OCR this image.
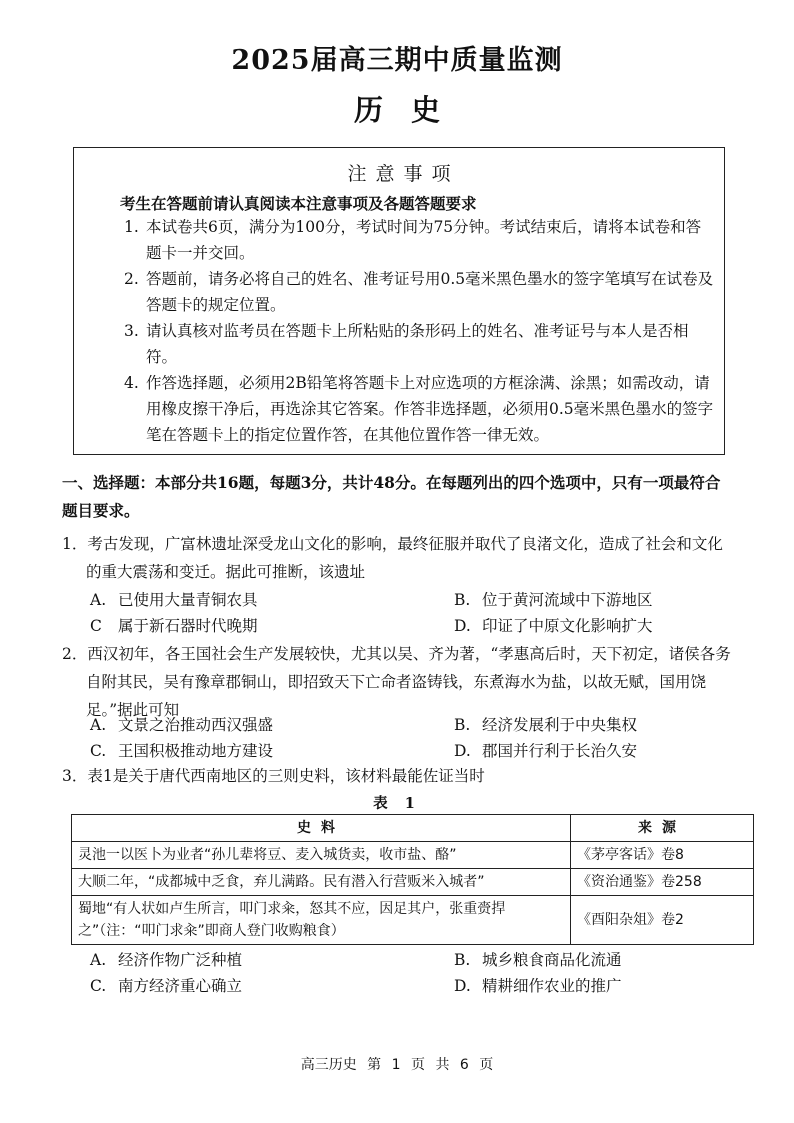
2025届高三期中质量监测
历史
注意事项
考生在答题前请认真阅读本注意事项及各题答题要求
1. 本试卷共6页，满分为100分，考试时间为75分钟。考试结束后，请将本试卷和答题卡一并交回。
2. 答题前，请务必将自己的姓名、准考证号用0.5毫米黑色墨水的签字笔填写在试卷及答题卡的规定位置。
3. 请认真核对监考员在答题卡上所粘贴的条形码上的姓名、准考证号与本人是否相符。
4. 作答选择题，必须用2B铅笔将答题卡上对应选项的方框涂满、涂黑；如需改动，请用橡皮擦干净后，再选涂其它答案。作答非选择题，必须用0.5毫米黑色墨水的签字笔在答题卡上的指定位置作答，在其他位置作答一律无效。
一、选择题：本部分共16题，每题3分，共计48分。在每题列出的四个选项中，只有一项最符合题目要求。
1．考古发现，广富林遗址深受龙山文化的影响，最终征服并取代了良渚文化，造成了社会和文化的重大震荡和变迁。据此可推断，该遗址
A. 已使用大量青铜农具	B. 位于黄河流域中下游地区
C 属于新石器时代晚期	D. 印证了中原文化影响扩大
2．西汉初年，各王国社会生产发展较快，尤其以吴、齐为著，“孝惠高后时，天下初定，诸侯各务自附其民，吴有豫章郡铜山，即招致天下亡命者盗铸钱，东煮海水为盐，以故无赋，国用饶足。”据此可知
A. 文景之治推动西汉强盛	B. 经济发展利于中央集权
C. 王国积极推动地方建设	D. 郡国并行利于长治久安
3．表1是关于唐代西南地区的三则史料，该材料最能佐证当时
表 1
史料	来源
灵池一以医卜为业者“孙儿辈将豆、麦入城货卖，收市盐、酪”	《茅亭客话》卷8
大顺二年，“成都城中乏食，弃儿满路。民有潜入行营贩米入城者”	《资治通鉴》卷258
蜀地“有人状如卢生所言，叩门求籴，怒其不应，因足其户，张重赍捍之”（注：“叩门求籴”即商人登门收购粮食）	《酉阳杂俎》卷2
A. 经济作物广泛种植	B. 城乡粮食商品化流通
C. 南方经济重心确立	D. 精耕细作农业的推广
高三历史 第 1 页 共 6 页
